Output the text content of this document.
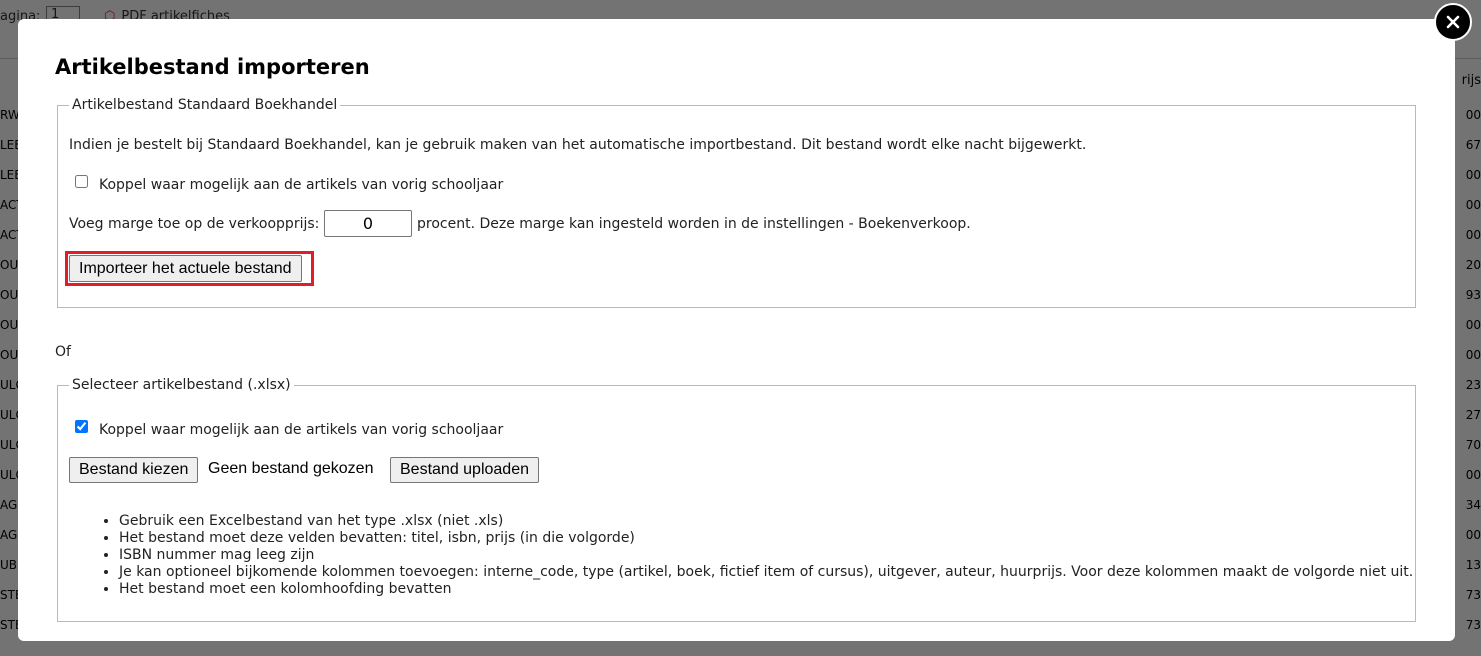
Artikelbestand importeren
Artikelbestand Standaard Boekhandel
Indien je bestelt bij Standaard Boekhandel, kan je gebruik maken van het automatische importbestand. Dit bestand wordt elke nacht bijgewerkt.
Koppel waar mogelijk aan de artikels van vorig schooljaar
Voeg marge toe op de verkoopprijs:
0	procent. Deze marge kan ingesteld worden in de instellingen - Boekenverkoop.
Importeer het actuele bestand
Of
Selecteer artikelbestand (.xlsx)
Koppel waar mogelijk aan de artikels van vorig schooljaar
Bestand kiezen	Geen bestand gekozen	Bestand uploaden
• Gebruik een Excelbestand van het type .xlsx (niet .xls)
• Het bestand moet deze velden bevatten: titel, isbn, prijs (in die volgorde)
• ISBN nummer mag leeg zijn
• Je kan optioneel bijkomende kolommen toevoegen: interne_code, type (artikel, boek, fictief item of cursus), uitgever, auteur, huurprijs. Voor deze kolommen maakt de volgorde niet uit.
• Het bestand moet een kolomhoofding bevatten
